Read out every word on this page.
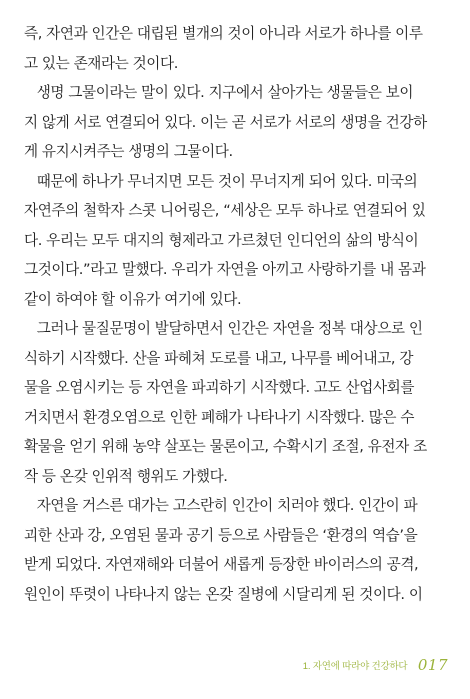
즉, 자연과 인간은 대립된 별개의 것이 아니라 서로가 하나를 이루
고 있는 존재라는 것이다.
생명 그물이라는 말이 있다. 지구에서 살아가는 생물들은 보이
지 않게 서로 연결되어 있다. 이는 곧 서로가 서로의 생명을 건강하
게 유지시켜주는 생명의 그물이다.
때문에 하나가 무너지면 모든 것이 무너지게 되어 있다. 미국의
자연주의 철학자 스콧 니어링은, “세상은 모두 하나로 연결되어 있
다. 우리는 모두 대지의 형제라고 가르쳤던 인디언의 삶의 방식이
그것이다.”라고 말했다. 우리가 자연을 아끼고 사랑하기를 내 몸과
같이 하여야 할 이유가 여기에 있다.
그러나 물질문명이 발달하면서 인간은 자연을 정복 대상으로 인
식하기 시작했다. 산을 파헤쳐 도로를 내고, 나무를 베어내고, 강
물을 오염시키는 등 자연을 파괴하기 시작했다. 고도 산업사회를
거치면서 환경오염으로 인한 폐해가 나타나기 시작했다. 많은 수
확물을 얻기 위해 농약 살포는 물론이고, 수확시기 조절, 유전자 조
작 등 온갖 인위적 행위도 가했다.
자연을 거스른 대가는 고스란히 인간이 치러야 했다. 인간이 파
괴한 산과 강, 오염된 물과 공기 등으로 사람들은 ‘환경의 역습’을
받게 되었다. 자연재해와 더불어 새롭게 등장한 바이러스의 공격,
원인이 뚜렷이 나타나지 않는 온갖 질병에 시달리게 된 것이다. 이
1. 자연에 따라야 건강하다 017
